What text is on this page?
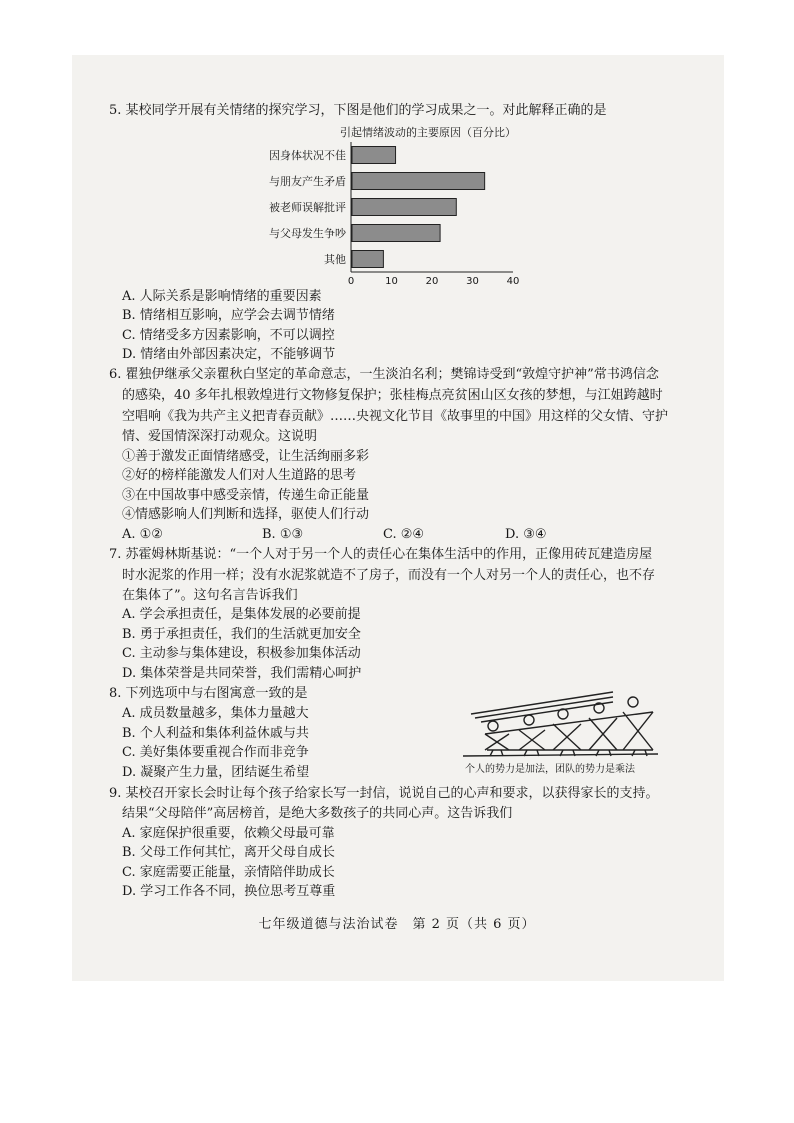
5. 某校同学开展有关情绪的探究学习，下图是他们的学习成果之一。对此解释正确的是
引起情绪波动的主要原因（百分比）
因身体状况不佳
与朋友产生矛盾
被老师误解批评
与父母发生争吵
其他
0	10	20	30	40
A. 人际关系是影响情绪的重要因素
B. 情绪相互影响，应学会去调节情绪
C. 情绪受多方因素影响，不可以调控
D. 情绪由外部因素决定，不能够调节
6. 瞿独伊继承父亲瞿秋白坚定的革命意志，一生淡泊名利；樊锦诗受到“敦煌守护神”常书鸿信念
的感染，40 多年扎根敦煌进行文物修复保护；张桂梅点亮贫困山区女孩的梦想，与江姐跨越时
空唱响《我为共产主义把青春贡献》……央视文化节目《故事里的中国》用这样的父女情、守护
情、爱国情深深打动观众。这说明
①善于激发正面情绪感受，让生活绚丽多彩
②好的榜样能激发人们对人生道路的思考
③在中国故事中感受亲情，传递生命正能量
④情感影响人们判断和选择，驱使人们行动
A. ①②	B. ①③	C. ②④	D. ③④
7. 苏霍姆林斯基说：“一个人对于另一个人的责任心在集体生活中的作用，正像用砖瓦建造房屋
时水泥浆的作用一样；没有水泥浆就造不了房子，而没有一个人对另一个人的责任心，也不存
在集体了”。这句名言告诉我们
A. 学会承担责任，是集体发展的必要前提
B. 勇于承担责任，我们的生活就更加安全
C. 主动参与集体建设，积极参加集体活动
D. 集体荣誉是共同荣誉，我们需精心呵护
8. 下列选项中与右图寓意一致的是
A. 成员数量越多，集体力量越大
B. 个人利益和集体利益休戚与共
C. 美好集体要重视合作而非竞争
D. 凝聚产生力量，团结诞生希望	个人的势力是加法，团队的势力是乘法
9. 某校召开家长会时让每个孩子给家长写一封信，说说自己的心声和要求，以获得家长的支持。
结果“父母陪伴”高居榜首，是绝大多数孩子的共同心声。这告诉我们
A. 家庭保护很重要，依赖父母最可靠
B. 父母工作何其忙，离开父母自成长
C. 家庭需要正能量，亲情陪伴助成长
D. 学习工作各不同，换位思考互尊重
七年级道德与法治试卷　第 2 页（共 6 页）
